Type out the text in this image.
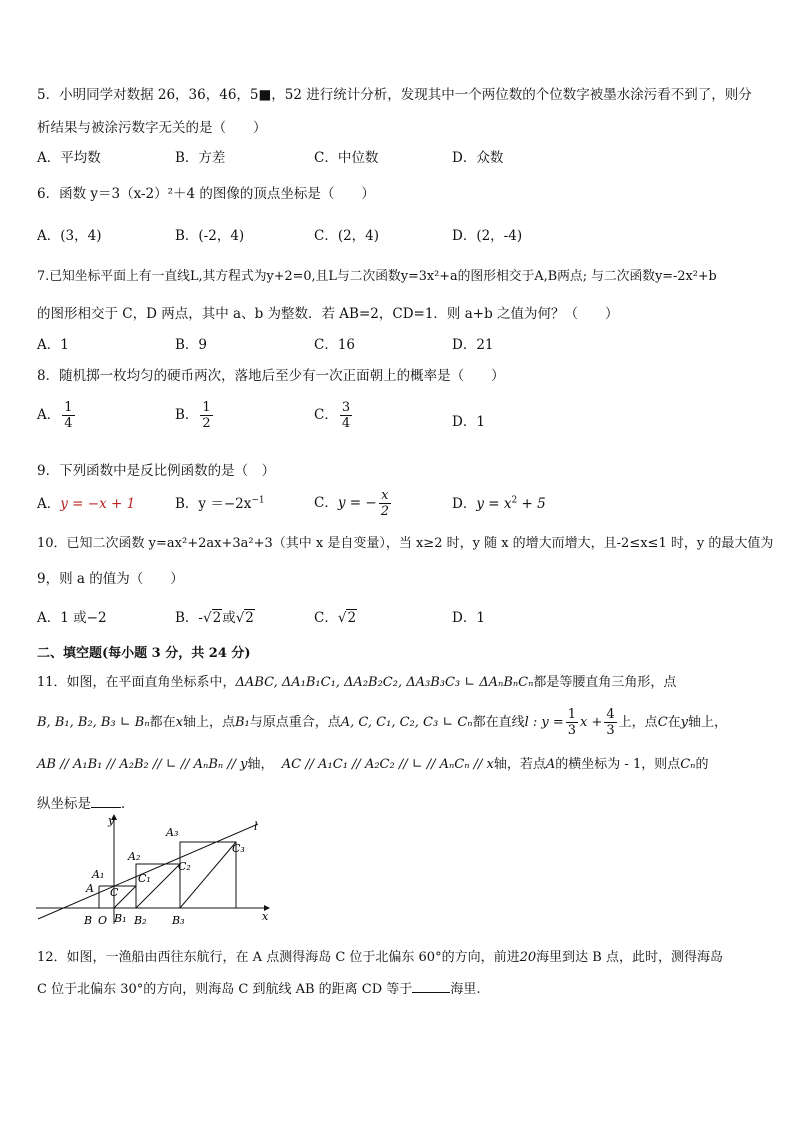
5．小明同学对数据 26，36，46，5■，52 进行统计分析，发现其中一个两位数的个位数字被墨水涂污看不到了，则分
析结果与被涂污数字无关的是（　　）
A．平均数	B．方差	C．中位数	D．众数
6．函数 y＝3（x-2）²＋4 的图像的顶点坐标是（　　）
A．(3，4)	B．(-2，4)	C．(2，4)	D．(2，-4)
7.已知坐标平面上有一直线L,其方程式为y+2=0,且L与二次函数y=3x²+a的图形相交于A,B两点; 与二次函数y=-2x²+b
的图形相交于 C，D 两点，其中 a、b 为整数．若 AB=2，CD=1．则 a+b 之值为何？（　　）
A．1	B．9	C．16	D．21
8．随机掷一枚均匀的硬币两次，落地后至少有一次正面朝上的概率是（　　）
A． $\frac{1}{4}$	B． $\frac{1}{2}$	C． $\frac{3}{4}$	D．1
9．下列函数中是反比例函数的是（　）
A．y = −x + 1	B．$y =-2x^{-1}$	C．y = − $\frac{x}{2}$	D．$y = x^2 + 5$
10．已知二次函数 y=ax²+2ax+3a²+3（其中 x 是自变量），当 x≥2 时，y 随 x 的增大而增大，且-2≤x≤1 时，y 的最大值为
9，则 a 的值为（　　）
A．1 或−2	B．-√2或√2	C．√2	D．1
二、填空题(每小题 3 分，共 24 分)
11．如图，在平面直角坐标系中，ΔABC, ΔA₁B₁C₁, ΔA₂B₂C₂, ΔA₃B₃C₃ ∟ ΔAₙBₙCₙ都是等腰直角三角形，点
B, B₁, B₂, B₃ ∟ Bₙ都在x轴上，点B₁与原点重合，点A, C, C₁, C₂, C₃ ∟ Cₙ都在直线l : $y = \frac{1}{3}$ $x + \frac{4}{3}$ 上，点C在y轴上，
AB // A₁B₁ // A₂B₂ // ∟ // AₙBₙ // y轴， AC // A₁C₁ // A₂C₂ // ∟ // AₙCₙ // x轴，若点A的横坐标为 - 1，则点Cₙ的
纵坐标是 ．
y
x
l
A
A₁
A₂
A₃
B O B₁ B₂ B₃
C
C₁
C₂
C₃
12．如图，一渔船由西往东航行，在 A 点测得海岛 C 位于北偏东 60°的方向，前进20海里到达 B 点，此时，测得海岛
C 位于北偏东 30°的方向，则海岛 C 到航线 AB 的距离 CD 等于	海里.
